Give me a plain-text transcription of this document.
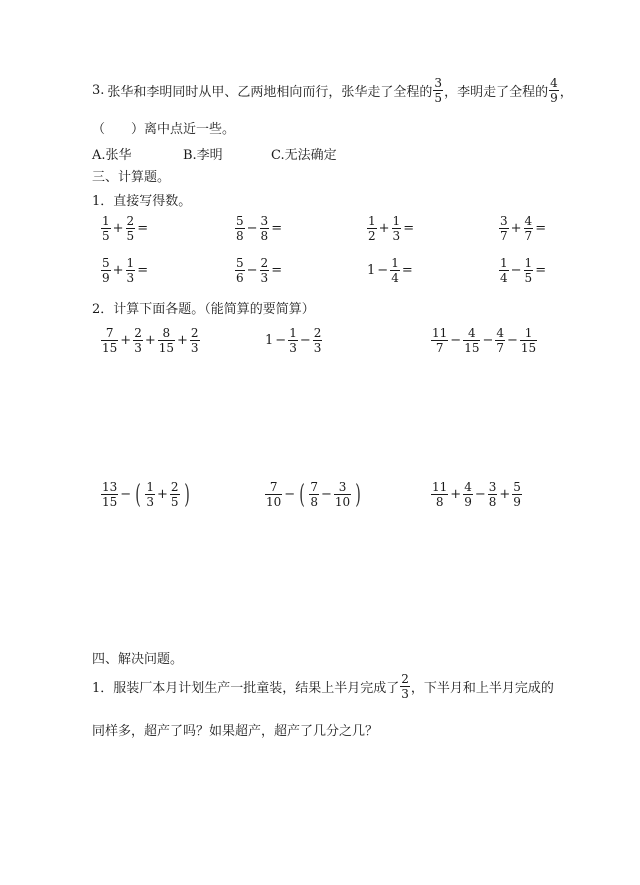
3. 张华和李明同时从甲、乙两地相向而行，张华走了全程的 $\frac{3}{5}$ ，李明走了全程的 $\frac{4}{9}$ ，
（　　）离中点近一些。
A.张华	B.李明	C.无法确定
三、计算题。
1．直接写得数。
$\frac{1}{5} + \frac{2}{5}$ =	$\frac{5}{8} - \frac{3}{8}$ =	$\frac{1}{2} + \frac{1}{3}$ =	$\frac{3}{7} + \frac{4}{7}$ =
$\frac{5}{9} + \frac{1}{3}$ =	$\frac{5}{6} - \frac{2}{3}$ =	$1 - \frac{1}{4}$ =	$\frac{1}{4} - \frac{1}{5}$ =
2．计算下面各题。（能简算的要简算）
$\frac{7}{15} + \frac{2}{3} + \frac{8}{15} + \frac{2}{3}$	$1 - \frac{1}{3} - \frac{2}{3}$	$\frac{11}{7} - \frac{4}{15} - \frac{4}{7} - \frac{1}{15}$
$\frac{13}{15}$ − ( $\frac{1}{3} + \frac{2}{5}$ )	$\frac{7}{10}$ − ( $\frac{7}{8} - \frac{3}{10}$ )	$\frac{11}{8} + \frac{4}{9} - \frac{3}{8} + \frac{5}{9}$
四、解决问题。
1．服装厂本月计划生产一批童装，结果上半月完成了 $\frac{2}{3}$ ，下半月和上半月完成的
同样多，超产了吗？如果超产，超产了几分之几？
